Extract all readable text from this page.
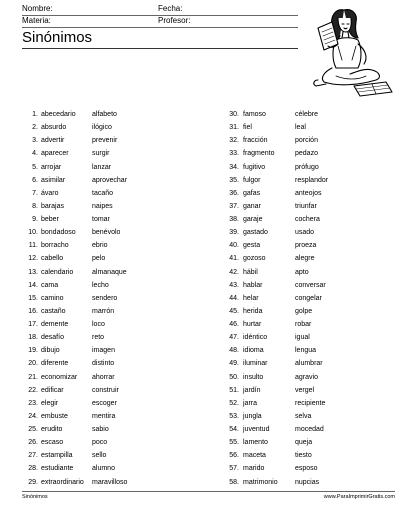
Nombre:	Fecha:
Materia:	Profesor:
Sinónimos
1. abecedario alfabeto
2. absurdo	ilógico
3. advertir	prevenir
4. aparecer	surgir
5. arrojar	lanzar
6. asimilar	aprovechar
7. ávaro	tacaño
8. barajas	naipes
9. beber	tomar
10. bondadoso benévolo
11. borracho	ebrio
12. cabello	pelo
13. calendario	almanaque
14. cama	lecho
15. camino	sendero
16. castaño	marrón
17. demente	loco
18. desafío	reto
19. dibujo	imagen
20. diferente	distinto
21. economizar ahorrar
22. edificar	construir
23. elegir	escoger
24. embuste	mentira
25. erudito	sabio
26. escaso	poco
27. estampilla	sello
28. estudiante	alumno
29. extraordinario maravilloso
30. famoso	célebre
31. fiel	leal
32. fracción	porción
33. fragmento	pedazo
34. fugitivo	prófugo
35. fulgor	resplandor
36. gafas	anteojos
37. ganar	triunfar
38. garaje	cochera
39. gastado	usado
40. gesta	proeza
41. gozoso	alegre
42. hábil	apto
43. hablar	conversar
44. helar	congelar
45. herida	golpe
46. hurtar	robar
47. idéntico	igual
48. idioma	lengua
49. iluminar	alumbrar
50. insulto	agravio
51. jardín	vergel
52. jarra	recipiente
53. jungla	selva
54. juventud	mocedad
55. lamento	queja
56. maceta	tiesto
57. marido	esposo
58. matrimonio nupcias
Sinónimos	www.ParaImprimirGratis.com
